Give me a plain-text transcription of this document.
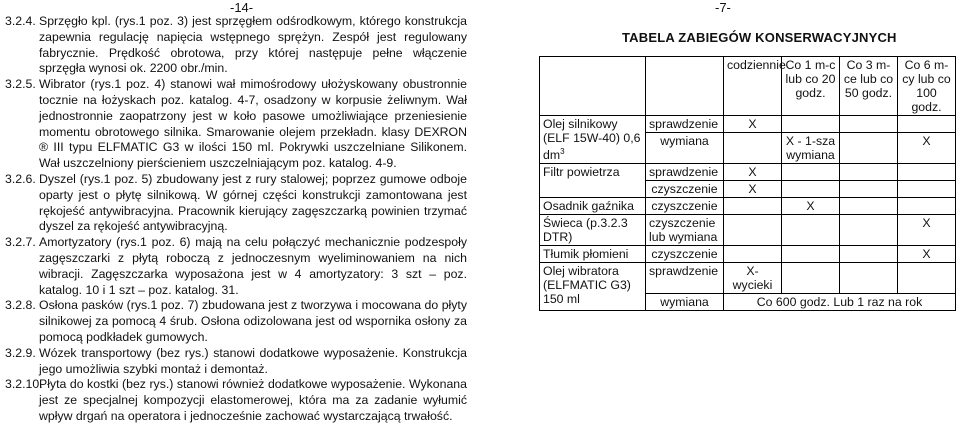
-14-	-7-
3.2.4. Sprzęgło kpl. (rys.1 poz. 3) jest sprzęgłem odśrodkowym, którego konstrukcja zapewnia regulację napięcia wstępnego sprężyn. Zespół jest regulowany fabrycznie. Prędkość obrotowa, przy której następuje pełne włączenie sprzęgła wynosi ok. 2200 obr./min.
3.2.5. Wibrator (rys.1 poz. 4) stanowi wał mimośrodowy ułożyskowany obustronnie tocznie na łożyskach poz. katalog. 4-7, osadzony w korpusie żeliwnym. Wał jednostronnie zaopatrzony jest w koło pasowe umożliwiające przeniesienie momentu obrotowego silnika. Smarowanie olejem przekładn. klasy DEXRON ® III typu ELFMATIC G3 w ilości 150 ml. Pokrywki uszczelniane Silikonem. Wał uszczelniony pierścieniem uszczelniającym poz. katalog. 4-9.
3.2.6. Dyszel (rys.1 poz. 5) zbudowany jest z rury stalowej; poprzez gumowe odboje oparty jest o płytę silnikową. W górnej części konstrukcji zamontowana jest rękojeść antywibracyjna. Pracownik kierujący zagęszczarką powinien trzymać dyszel za rękojeść antywibracyjną.
3.2.7. Amortyzatory (rys.1 poz. 6) mają na celu połączyć mechanicznie podzespoły zagęszczarki z płytą roboczą z jednoczesnym wyeliminowaniem na nich wibracji. Zagęszczarka wyposażona jest w 4 amortyzatory: 3 szt – poz. katalog. 10 i 1 szt – poz. katalog. 31.
3.2.8. Osłona pasków (rys.1 poz. 7) zbudowana jest z tworzywa i mocowana do płyty silnikowej za pomocą 4 śrub. Osłona odizolowana jest od wspornika osłony za pomocą podkładek gumowych.
3.2.9. Wózek transportowy (bez rys.) stanowi dodatkowe wyposażenie. Konstrukcja jego umożliwia szybki montaż i demontaż.
3.2.10.
Płyta do kostki (bez rys.) stanowi również dodatkowe wyposażenie. Wykonana jest ze specjalnej kompozycji elastomerowej, która ma za zadanie wyłumić wpływ drgań na operatora i jednocześnie zachować wystarczającą trwałość.
TABELA ZABIEGÓW KONSERWACYJNYCH
		codziennie	Co 1 m-c lub co 20 godz.	Co 3 m-ce lub co 50 godz.	Co 6 m-cy lub co 100 godz.
Olej silnikowy (ELF 15W-40) 0,6 $dm^3$	sprawdzenie	X			
	wymiana		X - 1-sza wymiana		X
Filtr powietrza	sprawdzenie	X			
	czyszczenie	X			
Osadnik gaźnika	czyszczenie		X		
Świeca (p.3.2.3 DTR)	czyszczenie lub wymiana				X
Tłumik płomieni	czyszczenie				X
Olej wibratora (ELFMATIC G3) 150 ml	sprawdzenie	X- wycieki			
	wymiana	Co 600 godz. Lub 1 raz na rok			
